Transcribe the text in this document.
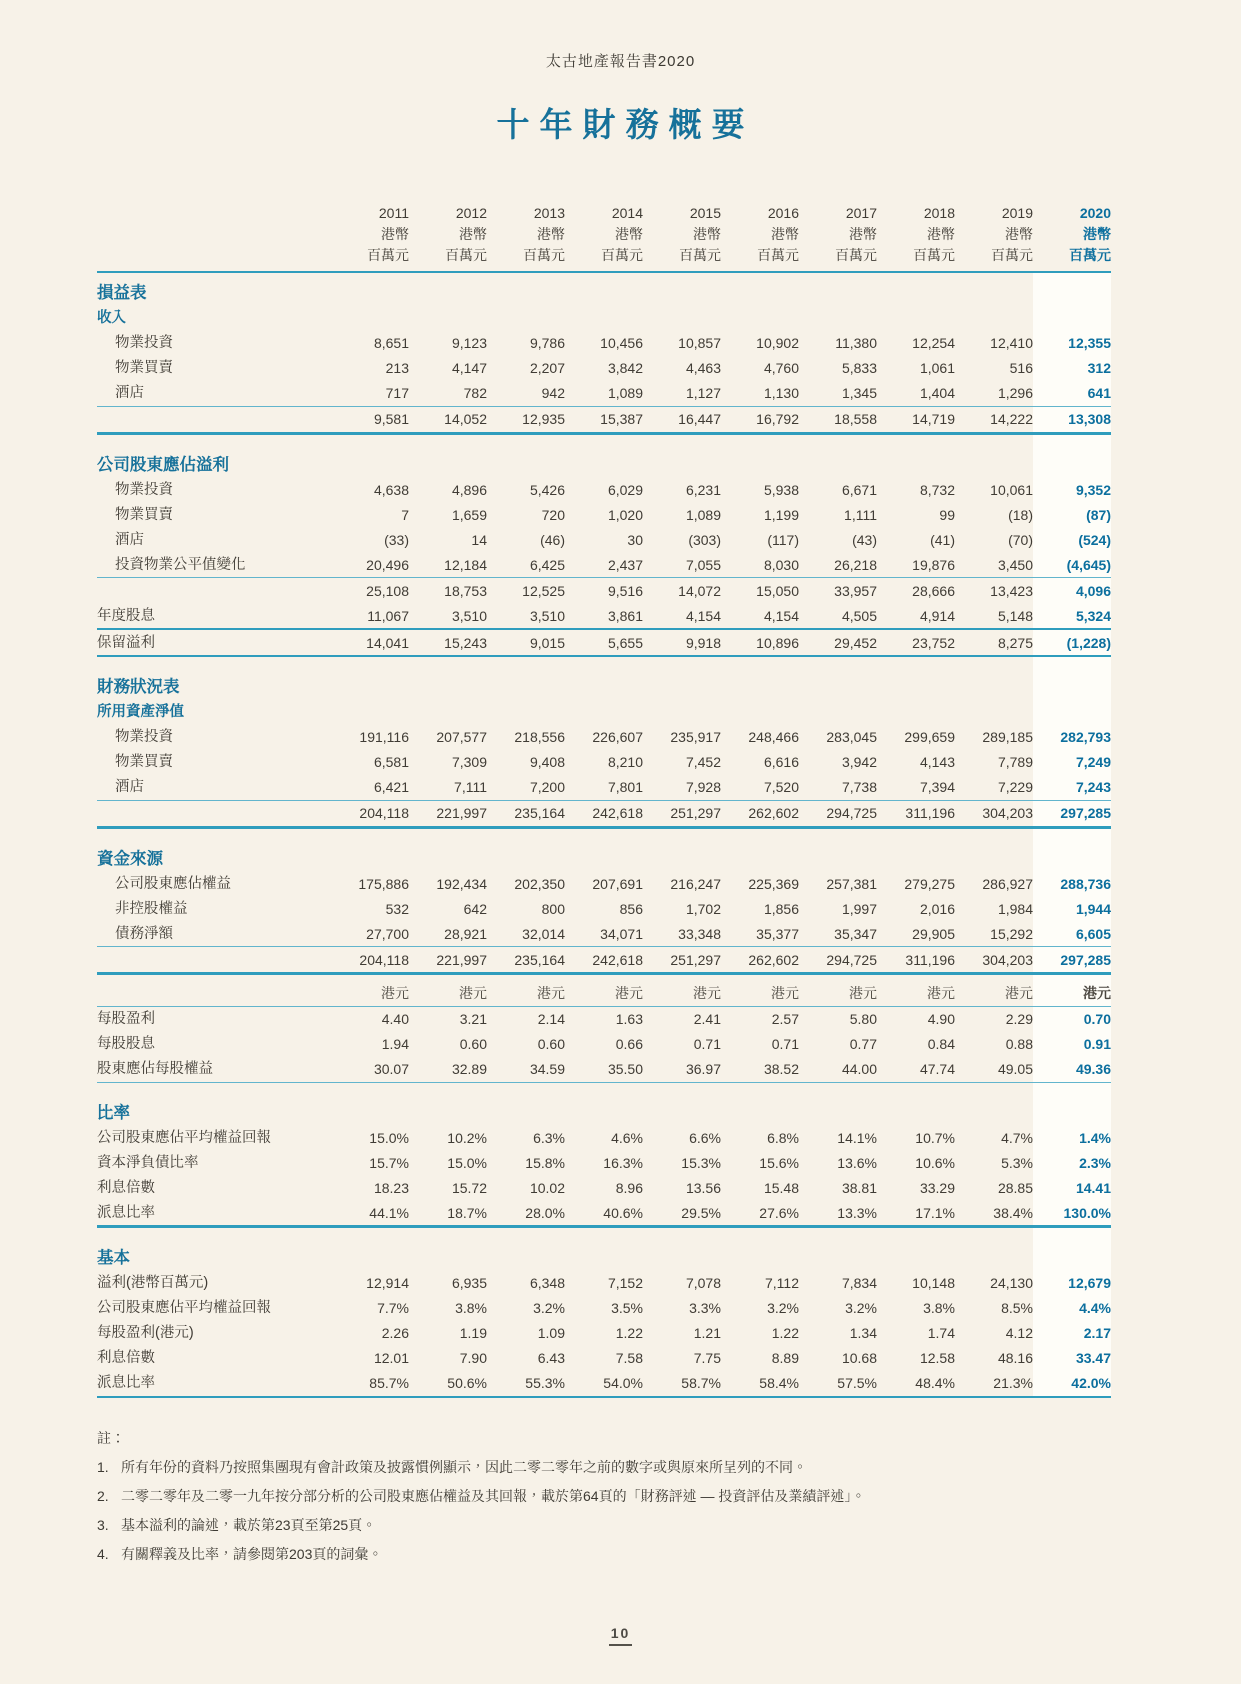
太古地產報告書2020
十年財務概要
	2011	2012	2013	2014	2015	2016	2017	2018	2019	2020
	港幣	港幣	港幣	港幣	港幣	港幣	港幣	港幣	港幣	港幣
	百萬元	百萬元	百萬元	百萬元	百萬元	百萬元	百萬元	百萬元	百萬元	百萬元
損益表										
收入										
物業投資	8,651	9,123	9,786	10,456	10,857	10,902	11,380	12,254	12,410	12,355
物業買賣	213	4,147	2,207	3,842	4,463	4,760	5,833	1,061	516	312
酒店	717	782	942	1,089	1,127	1,130	1,345	1,404	1,296	641
	9,581	14,052	12,935	15,387	16,447	16,792	18,558	14,719	14,222	13,308
公司股東應佔溢利										
物業投資	4,638	4,896	5,426	6,029	6,231	5,938	6,671	8,732	10,061	9,352
物業買賣	7	1,659	720	1,020	1,089	1,199	1,111	99	(18)	(87)
酒店	(33)	14	(46)	30	(303)	(117)	(43)	(41)	(70)	(524)
投資物業公平值變化	20,496	12,184	6,425	2,437	7,055	8,030	26,218	19,876	3,450	(4,645)
	25,108	18,753	12,525	9,516	14,072	15,050	33,957	28,666	13,423	4,096
年度股息	11,067	3,510	3,510	3,861	4,154	4,154	4,505	4,914	5,148	5,324
保留溢利	14,041	15,243	9,015	5,655	9,918	10,896	29,452	23,752	8,275	(1,228)
財務狀況表										
所用資產淨值										
物業投資	191,116	207,577	218,556	226,607	235,917	248,466	283,045	299,659	289,185	282,793
物業買賣	6,581	7,309	9,408	8,210	7,452	6,616	3,942	4,143	7,789	7,249
酒店	6,421	7,111	7,200	7,801	7,928	7,520	7,738	7,394	7,229	7,243
	204,118	221,997	235,164	242,618	251,297	262,602	294,725	311,196	304,203	297,285
資金來源										
公司股東應佔權益	175,886	192,434	202,350	207,691	216,247	225,369	257,381	279,275	286,927	288,736
非控股權益	532	642	800	856	1,702	1,856	1,997	2,016	1,984	1,944
債務淨額	27,700	28,921	32,014	34,071	33,348	35,377	35,347	29,905	15,292	6,605
	204,118	221,997	235,164	242,618	251,297	262,602	294,725	311,196	304,203	297,285
	港元	港元	港元	港元	港元	港元	港元	港元	港元	港元
每股盈利	4.40	3.21	2.14	1.63	2.41	2.57	5.80	4.90	2.29	0.70
每股股息	1.94	0.60	0.60	0.66	0.71	0.71	0.77	0.84	0.88	0.91
股東應佔每股權益	30.07	32.89	34.59	35.50	36.97	38.52	44.00	47.74	49.05	49.36
比率										
公司股東應佔平均權益回報	15.0%	10.2%	6.3%	4.6%	6.6%	6.8%	14.1%	10.7%	4.7%	1.4%
資本淨負債比率	15.7%	15.0%	15.8%	16.3%	15.3%	15.6%	13.6%	10.6%	5.3%	2.3%
利息倍數	18.23	15.72	10.02	8.96	13.56	15.48	38.81	33.29	28.85	14.41
派息比率	44.1%	18.7%	28.0%	40.6%	29.5%	27.6%	13.3%	17.1%	38.4%	130.0%
基本										
溢利(港幣百萬元)	12,914	6,935	6,348	7,152	7,078	7,112	7,834	10,148	24,130	12,679
公司股東應佔平均權益回報	7.7%	3.8%	3.2%	3.5%	3.3%	3.2%	3.2%	3.8%	8.5%	4.4%
每股盈利(港元)	2.26	1.19	1.09	1.22	1.21	1.22	1.34	1.74	4.12	2.17
利息倍數	12.01	7.90	6.43	7.58	7.75	8.89	10.68	12.58	48.16	33.47
派息比率	85.7%	50.6%	55.3%	54.0%	58.7%	58.4%	57.5%	48.4%	21.3%	42.0%
註：
1. 所有年份的資料乃按照集團現有會計政策及披露慣例顯示，因此二零二零年之前的數字或與原來所呈列的不同。
2. 二零二零年及二零一九年按分部分析的公司股東應佔權益及其回報，載於第64頁的「財務評述 — 投資評估及業績評述」。
3. 基本溢利的論述，載於第23頁至第25頁。
4. 有關釋義及比率，請參閱第203頁的詞彙。
10
